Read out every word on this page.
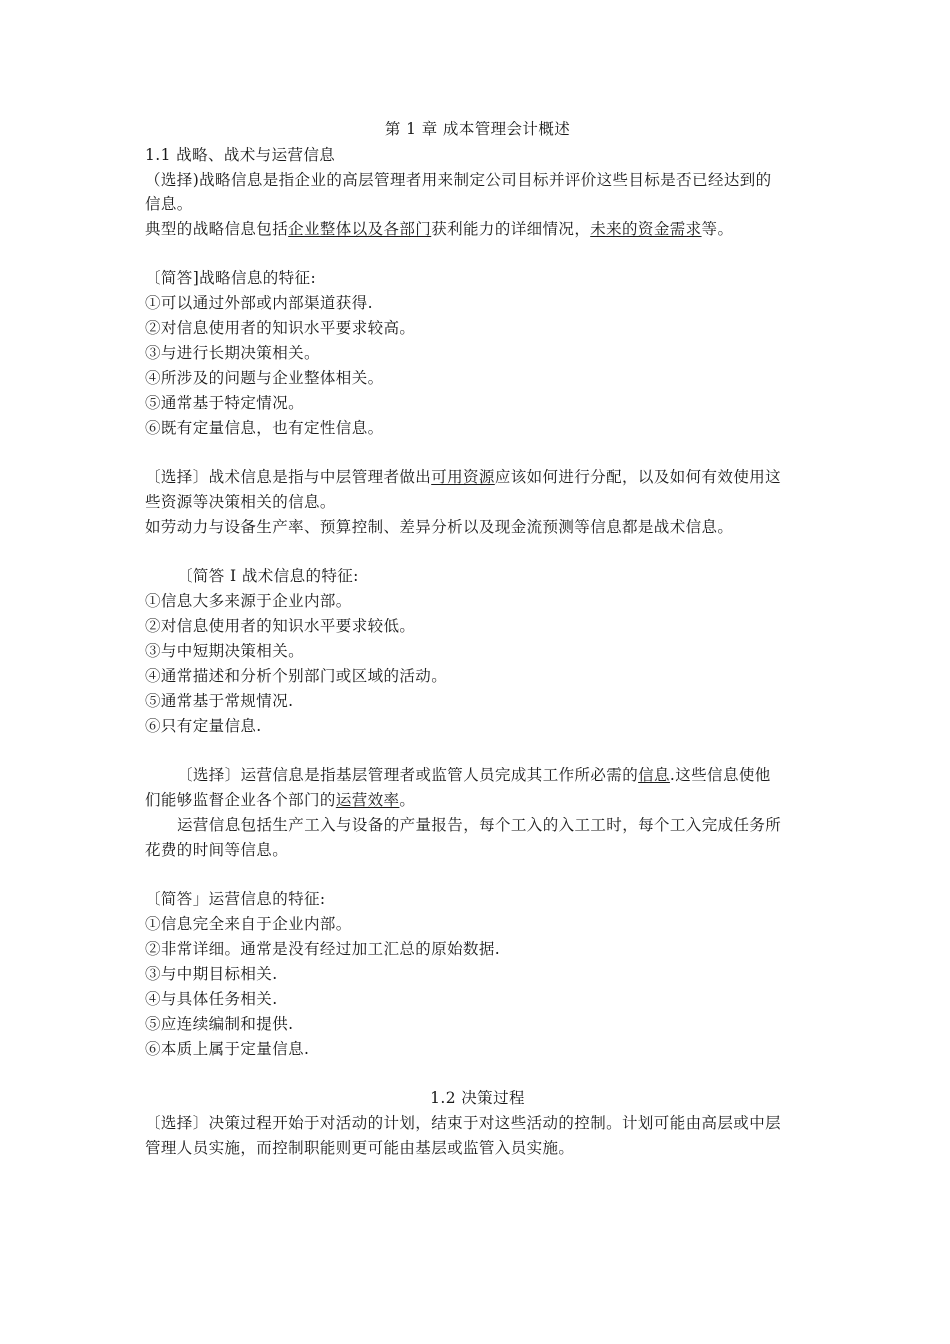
第 1 章 成本管理会计概述
1.1 战略、战术与运营信息
（选择)战略信息是指企业的高层管理者用来制定公司目标并评价这些目标是否已经达到的
信息。
典型的战略信息包括企业整体以及各部门获利能力的详细情况，未来的资金需求等。
〔简答]战略信息的特征:
①可以通过外部或内部渠道获得.
②对信息使用者的知识水平要求较高。
③与进行长期决策相关。
④所涉及的问题与企业整体相关。
⑤通常基于特定情况。
⑥既有定量信息，也有定性信息。
〔选择〕战术信息是指与中层管理者做出可用资源应该如何进行分配，以及如何有效使用这
些资源等决策相关的信息。
如劳动力与设备生产率、预算控制、差异分析以及现金流预测等信息都是战术信息。
〔简答 I 战术信息的特征:
①信息大多来源于企业内部。
②对信息使用者的知识水平要求较低。
③与中短期决策相关。
④通常描述和分析个别部门或区域的活动。
⑤通常基于常规情况.
⑥只有定量信息.
〔选择〕运营信息是指基层管理者或监管人员完成其工作所必需的信息.这些信息使他
们能够监督企业各个部门的运营效率。
运营信息包括生产工入与设备的产量报告，每个工入的入工工时，每个工入完成任务所
花费的时间等信息。
〔简答」运营信息的特征:
①信息完全来自于企业内部。
②非常详细。通常是没有经过加工汇总的原始数据.
③与中期目标相关.
④与具体任务相关.
⑤应连续编制和提供.
⑥本质上属于定量信息.
1.2 决策过程
〔选择〕决策过程开始于对活动的计划，结束于对这些活动的控制。计划可能由高层或中层
管理人员实施，而控制职能则更可能由基层或监管入员实施。
